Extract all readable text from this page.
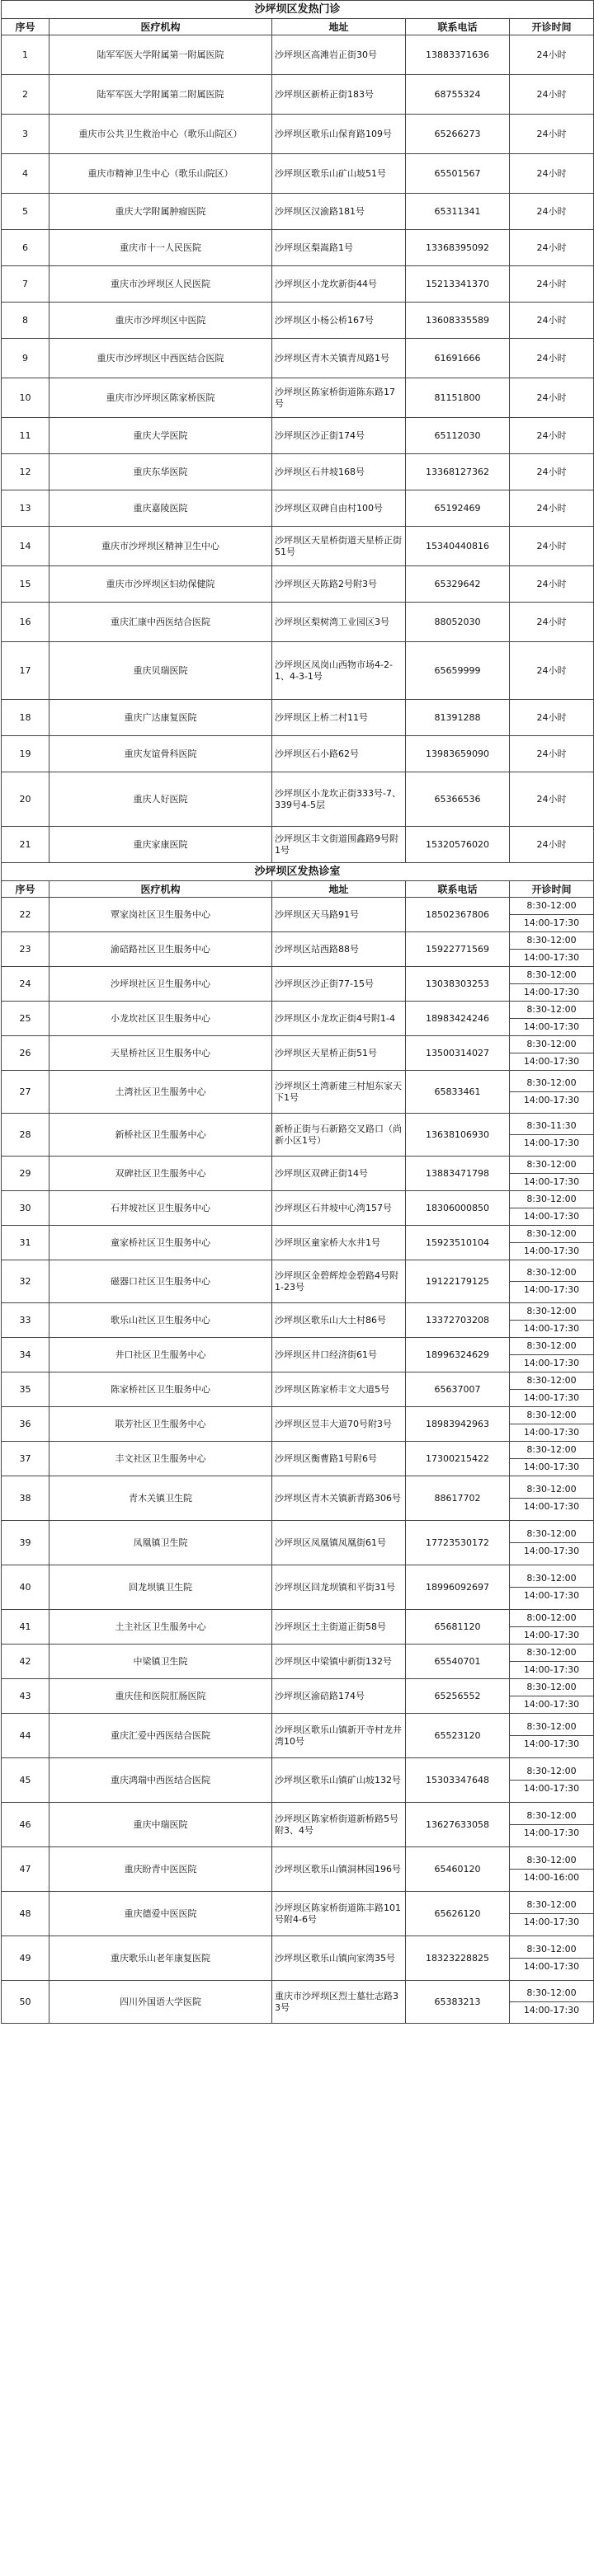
沙坪坝区发热门诊				
序号	医疗机构	地址	联系电话	开诊时间
1	陆军军医大学附属第一附属医院	沙坪坝区高滩岩正街30号	13883371636	24小时
2	陆军军医大学附属第二附属医院	沙坪坝区新桥正街183号	68755324	24小时
3	重庆市公共卫生救治中心（歌乐山院区）	沙坪坝区歌乐山保育路109号	65266273	24小时
4	重庆市精神卫生中心（歌乐山院区）	沙坪坝区歌乐山矿山坡51号	65501567	24小时
5	重庆大学附属肿瘤医院	沙坪坝区汉渝路181号	65311341	24小时
6	重庆市十一人民医院	沙坪坝区梨嵩路1号	13368395092	24小时
7	重庆市沙坪坝区人民医院	沙坪坝区小龙坎新街44号	15213341370	24小时
8	重庆市沙坪坝区中医院	沙坪坝区小杨公桥167号	13608335589	24小时
9	重庆市沙坪坝区中西医结合医院	沙坪坝区青木关镇青凤路1号	61691666	24小时
10	重庆市沙坪坝区陈家桥医院	沙坪坝区陈家桥街道陈东路17号	81151800	24小时
11	重庆大学医院	沙坪坝区沙正街174号	65112030	24小时
12	重庆东华医院	沙坪坝区石井坡168号	13368127362	24小时
13	重庆嘉陵医院	沙坪坝区双碑自由村100号	65192469	24小时
14	重庆市沙坪坝区精神卫生中心	沙坪坝区天星桥街道天星桥正街51号	15340440816	24小时
15	重庆市沙坪坝区妇幼保健院	沙坪坝区天陈路2号附3号	65329642	24小时
16	重庆汇康中西医结合医院	沙坪坝区梨树湾工业园区3号	88052030	24小时
17	重庆贝瑞医院	沙坪坝区凤岗山西物市场4-2-1、4-3-1号	65659999	24小时
18	重庆广达康复医院	沙坪坝区上桥二村11号	81391288	24小时
19	重庆友谊骨科医院	沙坪坝区石小路62号	13983659090	24小时
20	重庆人好医院	沙坪坝区小龙坎正街333号-7、339号4-5层	65366536	24小时
21	重庆家康医院	沙坪坝区丰文街道围鑫路9号附1号	15320576020	24小时
沙坪坝区发热诊室				
序号	医疗机构	地址	联系电话	开诊时间
22	覃家岗社区卫生服务中心	沙坪坝区天马路91号	18502367806	8:30-12:00
14:00-17:30

23	渝碚路社区卫生服务中心	沙坪坝区站西路88号	15922771569	8:30-12:00
14:00-17:30

24	沙坪坝社区卫生服务中心	沙坪坝区沙正街77-15号	13038303253	8:30-12:00
14:00-17:30

25	小龙坎社区卫生服务中心	沙坪坝区小龙坎正街4号附1-4	18983424246	8:30-12:00
14:00-17:30

26	天星桥社区卫生服务中心	沙坪坝区天星桥正街51号	13500314027	8:30-12:00
14:00-17:30

27	土湾社区卫生服务中心	沙坪坝区土湾新建三村旭东家天下1号	65833461	8:30-12:00
14:00-17:30

28	新桥社区卫生服务中心	新桥正街与石新路交叉路口（尚新小区1号）	13638106930	8:30-11:30
14:00-17:30

29	双碑社区卫生服务中心	沙坪坝区双碑正街14号	13883471798	8:30-12:00
14:00-17:30

30	石井坡社区卫生服务中心	沙坪坝区石井坡中心湾157号	18306000850	8:30-12:00
14:00-17:30

31	童家桥社区卫生服务中心	沙坪坝区童家桥大水井1号	15923510104	8:30-12:00
14:00-17:30

32	磁器口社区卫生服务中心	沙坪坝区金碧辉煌金碧路4号附1-23号	19122179125	8:30-12:00
14:00-17:30

33	歌乐山社区卫生服务中心	沙坪坝区歌乐山大土村86号	13372703208	8:30-12:00
14:00-17:30

34	井口社区卫生服务中心	沙坪坝区井口经济街61号	18996324629	8:30-12:00
14:00-17:30

35	陈家桥社区卫生服务中心	沙坪坝区陈家桥丰文大道5号	65637007	8:30-12:00
14:00-17:30

36	联芳社区卫生服务中心	沙坪坝区昱丰大道70号附3号	18983942963	8:30-12:00
14:00-17:30

37	丰文社区卫生服务中心	沙坪坝区衡曹路1号附6号	17300215422	8:30-12:00
14:00-17:30

38	青木关镇卫生院	沙坪坝区青木关镇新青路306号	88617702	8:30-12:00
14:00-17:30

39	凤凰镇卫生院	沙坪坝区凤凰镇凤凰街61号	17723530172	8:30-12:00
14:00-17:30

40	回龙坝镇卫生院	沙坪坝区回龙坝镇和平街31号	18996092697	8:30-12:00
14:00-17:30

41	土主社区卫生服务中心	沙坪坝区土主街道正街58号	65681120	8:00-12:00
14:00-17:30

42	中梁镇卫生院	沙坪坝区中梁镇中新街132号	65540701	8:30-12:00
14:00-17:30

43	重庆佳和医院肛肠医院	沙坪坝区渝碚路174号	65256552	8:30-12:00
14:00-17:30

44	重庆汇爱中西医结合医院	沙坪坝区歌乐山镇新开寺村龙井湾10号	65523120	8:30-12:00
14:00-17:30

45	重庆鸿瑞中西医结合医院	沙坪坝区歌乐山镇矿山坡132号	15303347648	8:30-12:00
14:00-17:30

46	重庆中瑞医院	沙坪坝区陈家桥街道新桥路5号附3、4号	13627633058	8:30-12:00
14:00-17:30

47	重庆盼青中医医院	沙坪坝区歌乐山镇洞林园196号	65460120	8:30-12:00
14:00-16:00

48	重庆德爱中医医院	沙坪坝区陈家桥街道陈丰路101号附4-6号	65626120	8:30-12:00
14:00-17:30

49	重庆歌乐山老年康复医院	沙坪坝区歌乐山镇向家湾35号	18323228825	8:30-12:00
14:00-17:30

50	四川外国语大学医院	重庆市沙坪坝区烈士墓壮志路33号	65383213	8:30-12:00
14:00-17:30
